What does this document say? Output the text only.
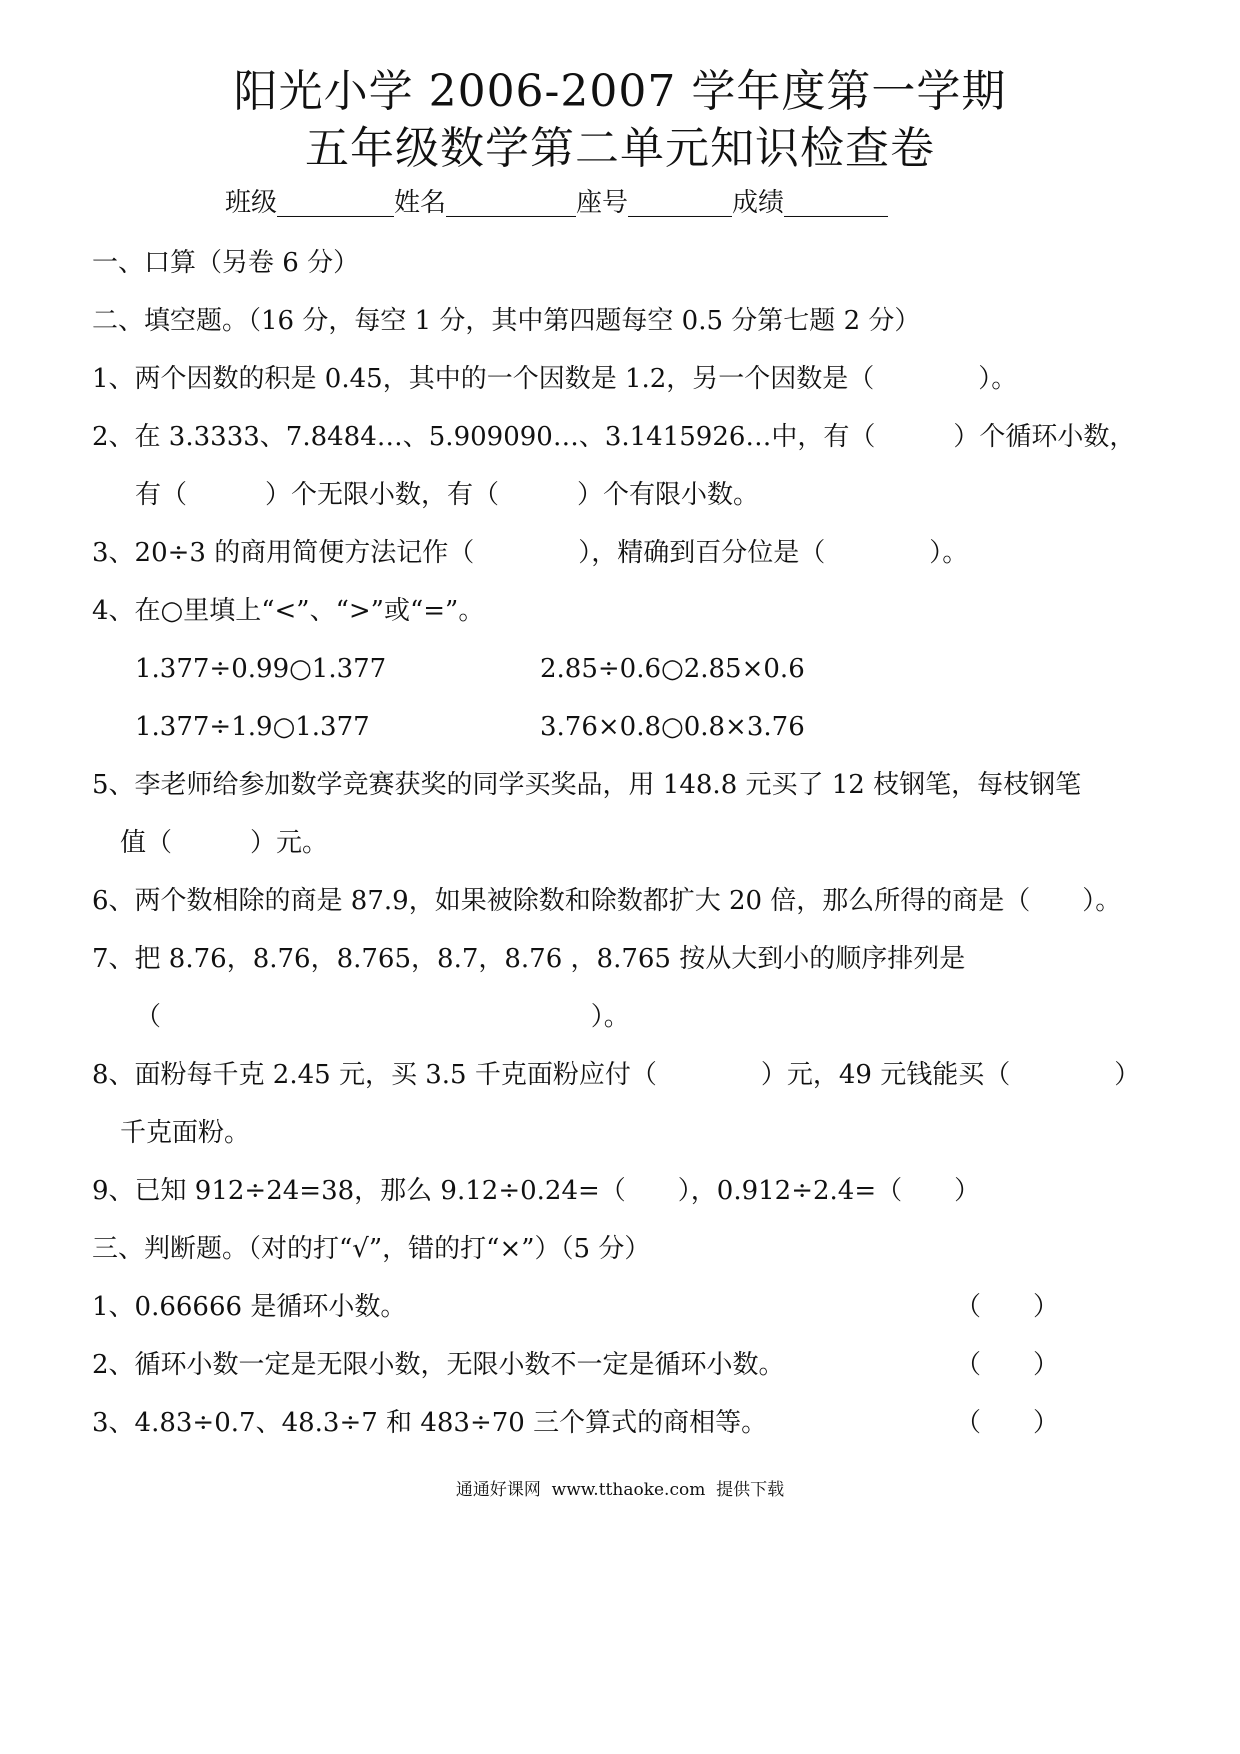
阳光小学 2006-2007 学年度第一学期
五年级数学第二单元知识检查卷
班级_________姓名__________座号________成绩________
一、口算（另卷 6 分）
二、填空题。（16 分，每空 1 分，其中第四题每空 0.5 分第七题 2 分）
1、两个因数的积是 0.45，其中的一个因数是 1.2，另一个因数是（　　　　）。
2、在 3.3333、7.8484…、5.909090…、3.1415926…中，有（　　　）个循环小数，
有（　　　）个无限小数，有（　　　）个有限小数。
3、20÷3 的商用简便方法记作（　　　　），精确到百分位是（　　　　）。
4、在○里填上“<”、“>”或“=”。
1.377÷0.99○1.377	2.85÷0.6○2.85×0.6
1.377÷1.9○1.377	3.76×0.8○0.8×3.76
5、李老师给参加数学竞赛获奖的同学买奖品，用 148.8 元买了 12 枝钢笔，每枝钢笔
值（　　　）元。
6、两个数相除的商是 87.9，如果被除数和除数都扩大 20 倍，那么所得的商是（　　）。
7、把 8.76，8.76，8.765，8.7，8.76 ，8.765 按从大到小的顺序排列是
（                                                    ）。
8、面粉每千克 2.45 元，买 3.5 千克面粉应付（　　　　）元，49 元钱能买（　　　　）
千克面粉。
9、已知 912÷24=38，那么 9.12÷0.24=（　　），0.912÷2.4=（　　）
三、判断题。（对的打“√”，错的打“×”）（5 分）
1、0.66666 是循环小数。	（　　）
2、循环小数一定是无限小数，无限小数不一定是循环小数。	（　　）
3、4.83÷0.7、48.3÷7 和 483÷70 三个算式的商相等。	（　　）
通通好课网  www.tthaoke.com  提供下载
